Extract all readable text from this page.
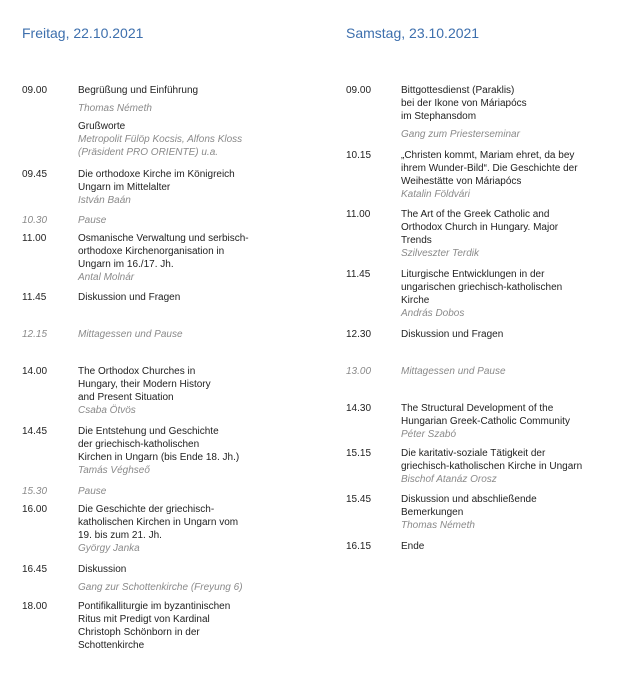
Freitag, 22.10.2021	Samstag, 23.10.2021
09.00	Begrüßung und Einführung
Thomas Németh
Grußworte
Metropolit Fülöp Kocsis, Alfons Kloss
(Präsident PRO ORIENTE) u.a.
09.45	Die orthodoxe Kirche im Königreich
Ungarn im Mittelalter
István Baán
10.30	Pause
11.00	Osmanische Verwaltung und serbisch-
orthodoxe Kirchenorganisation in
Ungarn im 16./17. Jh.
Antal Molnár
11.45	Diskussion und Fragen
12.15	Mittagessen und Pause
14.00	The Orthodox Churches in
Hungary, their Modern History
and Present Situation
Csaba Ötvös
14.45	Die Entstehung und Geschichte
der griechisch-katholischen
Kirchen in Ungarn (bis Ende 18. Jh.)
Tamás Véghseő
15.30	Pause
16.00	Die Geschichte der griechisch-
katholischen Kirchen in Ungarn vom
19. bis zum 21. Jh.
György Janka
16.45	Diskussion
Gang zur Schottenkirche (Freyung 6)
18.00	Pontifikalliturgie im byzantinischen
Ritus mit Predigt von Kardinal
Christoph Schönborn in der
Schottenkirche
09.00	Bittgottesdienst (Paraklis)
bei der Ikone von Máriapócs
im Stephansdom
Gang zum Priesterseminar
10.15	„Christen kommt, Mariam ehret, da bey
ihrem Wunder-Bild“. Die Geschichte der
Weihestätte von Máriapócs
Katalin Földvári
11.00	The Art of the Greek Catholic and
Orthodox Church in Hungary. Major
Trends
Szilveszter Terdik
11.45	Liturgische Entwicklungen in der
ungarischen griechisch-katholischen
Kirche
András Dobos
12.30	Diskussion und Fragen
13.00	Mittagessen und Pause
14.30	The Structural Development of the
Hungarian Greek-Catholic Community
Péter Szabó
15.15	Die karitativ-soziale Tätigkeit der
griechisch-katholischen Kirche in Ungarn
Bischof Atanáz Orosz
15.45	Diskussion und abschließende
Bemerkungen
Thomas Németh
16.15	Ende
